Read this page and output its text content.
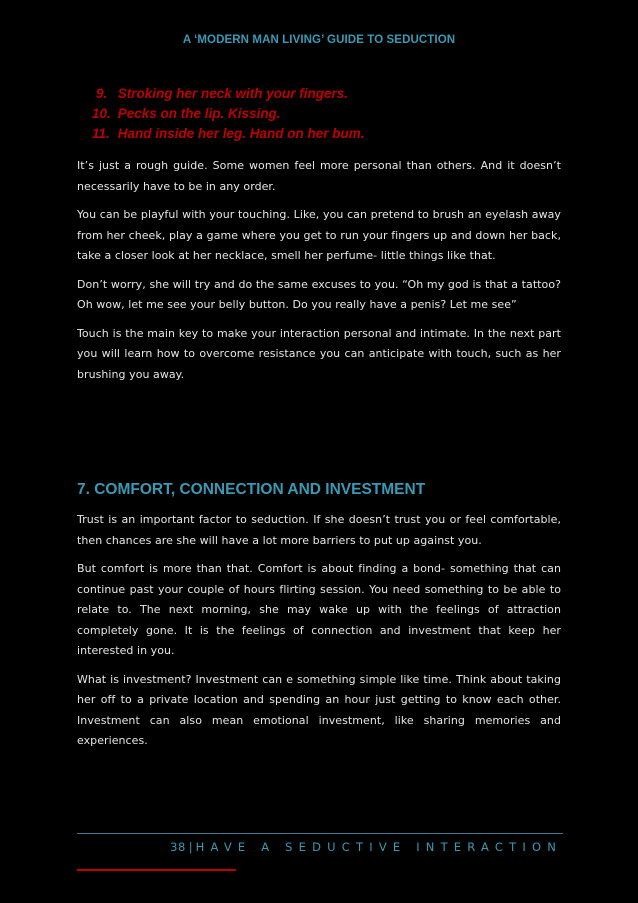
A ‘MODERN MAN LIVING’ GUIDE TO SEDUCTION
9. Stroking her neck with your fingers.
10. Pecks on the lip. Kissing.
11. Hand inside her leg. Hand on her bum.

It’s just a rough guide. Some women feel more personal than others. And it doesn’t necessarily have to be in any order.

You can be playful with your touching. Like, you can pretend to brush an eyelash away from her cheek, play a game where you get to run your fingers up and down her back, take a closer look at her necklace, smell her perfume- little things like that.

Don’t worry, she will try and do the same excuses to you. “Oh my god is that a tattoo? Oh wow, let me see your belly button. Do you really have a penis? Let me see”

Touch is the main key to make your interaction personal and intimate. In the next part you will learn how to overcome resistance you can anticipate with touch, such as her brushing you away.

7. COMFORT, CONNECTION AND INVESTMENT

Trust is an important factor to seduction. If she doesn’t trust you or feel comfortable, then chances are she will have a lot more barriers to put up against you.

But comfort is more than that. Comfort is about finding a bond- something that can continue past your couple of hours flirting session. You need something to be able to relate to. The next morning, she may wake up with the feelings of attraction completely gone. It is the feelings of connection and investment that keep her interested in you.

What is investment? Investment can e something simple like time. Think about taking her off to a private location and spending an hour just getting to know each other. Investment can also mean emotional investment, like sharing memories and experiences.

38 | HAVE A SEDUCTIVE INTERACTION
